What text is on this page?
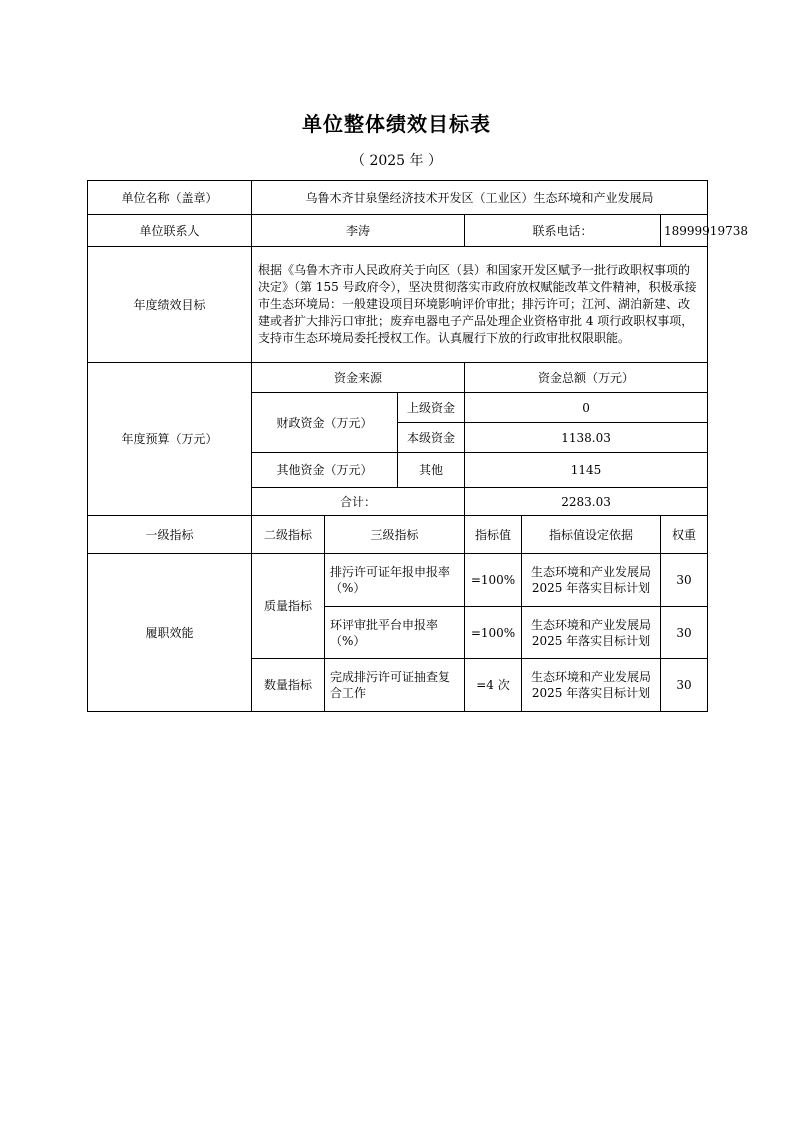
单位整体绩效目标表
（ 2025 年 ）
单位名称（盖章）	乌鲁木齐甘泉堡经济技术开发区（工业区）生态环境和产业发展局					
单位联系人	李涛			联系电话：		18999919738
年度绩效目标	根据《乌鲁木齐市人民政府关于向区（县）和国家开发区赋予一批行政职权事项的决定》（第 155 号政府令），坚决贯彻落实市政府放权赋能改革文件精神，积极承接市生态环境局：一般建设项目环境影响评价审批；排污许可；江河、湖泊新建、改建或者扩大排污口审批；废弃电器电子产品处理企业资格审批 4 项行政职权事项，支持市生态环境局委托授权工作。认真履行下放的行政审批权限职能。					
年度预算（万元）	资金来源			资金总额（万元）		
	财政资金（万元）		上级资金	0		
			本级资金	1138.03		
	其他资金（万元）		其他	1145		
	合计：			2283.03		
一级指标	二级指标	三级指标		指标值	指标值设定依据	权重
履职效能	质量指标	排污许可证年报申报率（%）		=100%	生态环境和产业发展局 2025 年落实目标计划	30
		环评审批平台申报率（%）		=100%	生态环境和产业发展局 2025 年落实目标计划	30
	数量指标	完成排污许可证抽查复合工作		=4 次	生态环境和产业发展局 2025 年落实目标计划	30
